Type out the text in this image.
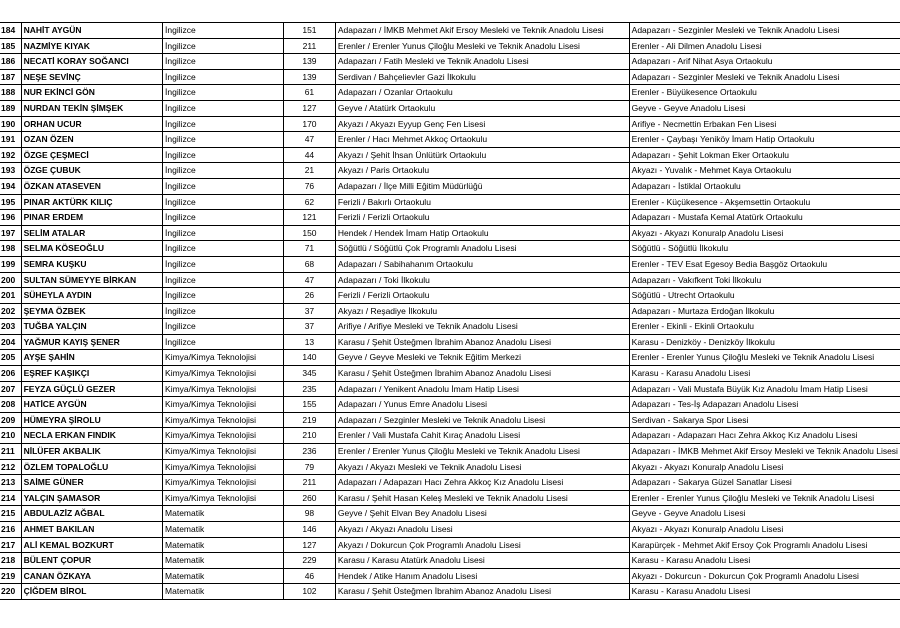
184	NAHİT AYGÜN	İngilizce	151	Adapazarı / İMKB Mehmet Akif Ersoy Mesleki ve Teknik Anadolu Lisesi	Adapazarı - Sezginler Mesleki ve Teknik Anadolu Lisesi
185	NAZMİYE KIYAK	İngilizce	211	Erenler / Erenler Yunus Çiloğlu Mesleki ve Teknik Anadolu Lisesi	Erenler - Ali Dilmen Anadolu Lisesi
186	NECATİ KORAY SOĞANCI	İngilizce	139	Adapazarı / Fatih Mesleki ve Teknik Anadolu Lisesi	Adapazarı - Arif Nihat Asya Ortaokulu
187	NEŞE SEVİNÇ	İngilizce	139	Serdivan / Bahçelievler Gazi İlkokulu	Adapazarı - Sezginler Mesleki ve Teknik Anadolu Lisesi
188	NUR EKİNCİ GÖN	İngilizce	61	Adapazarı / Ozanlar Ortaokulu	Erenler - Büyükesence Ortaokulu
189	NURDAN TEKİN ŞİMŞEK	İngilizce	127	Geyve / Atatürk Ortaokulu	Geyve - Geyve Anadolu Lisesi
190	ORHAN UCUR	İngilizce	170	Akyazı / Akyazı Eyyup Genç Fen Lisesi	Arifiye - Necmettin Erbakan Fen Lisesi
191	OZAN ÖZEN	İngilizce	47	Erenler / Hacı Mehmet Akkoç Ortaokulu	Erenler - Çaybaşı Yeniköy İmam Hatip Ortaokulu
192	ÖZGE ÇEŞMECİ	İngilizce	44	Akyazı / Şehit İhsan Ünlütürk Ortaokulu	Adapazarı - Şehit Lokman Eker Ortaokulu
193	ÖZGE ÇUBUK	İngilizce	21	Akyazı / Paris Ortaokulu	Akyazı - Yuvalık - Mehmet Kaya Ortaokulu
194	ÖZKAN ATASEVEN	İngilizce	76	Adapazarı / İlçe Milli Eğitim Müdürlüğü	Adapazarı - İstiklal Ortaokulu
195	PINAR AKTÜRK KILIÇ	İngilizce	62	Ferizli / Bakırlı Ortaokulu	Erenler - Küçükesence - Akşemsettin Ortaokulu
196	PINAR ERDEM	İngilizce	121	Ferizli / Ferizli Ortaokulu	Adapazarı - Mustafa Kemal Atatürk Ortaokulu
197	SELİM ATALAR	İngilizce	150	Hendek / Hendek İmam Hatip Ortaokulu	Akyazı - Akyazı Konuralp Anadolu Lisesi
198	SELMA KÖSEOĞLU	İngilizce	71	Söğütlü / Söğütlü Çok Programlı Anadolu Lisesi	Söğütlü - Söğütlü İlkokulu
199	SEMRA KUŞKU	İngilizce	68	Adapazarı / Sabihahanım Ortaokulu	Erenler - TEV Esat Egesoy Bedia Başgöz Ortaokulu
200	SULTAN SÜMEYYE BİRKAN	İngilizce	47	Adapazarı / Toki İlkokulu	Adapazarı - Vakıfkent Toki İlkokulu
201	SÜHEYLA AYDIN	İngilizce	26	Ferizli / Ferizli Ortaokulu	Söğütlü - Utrecht Ortaokulu
202	ŞEYMA ÖZBEK	İngilizce	37	Akyazı / Reşadiye İlkokulu	Adapazarı - Murtaza Erdoğan İlkokulu
203	TUĞBA YALÇIN	İngilizce	37	Arifiye / Arifiye Mesleki ve Teknik Anadolu Lisesi	Erenler - Ekinli - Ekinli Ortaokulu
204	YAĞMUR KAYIŞ ŞENER	İngilizce	13	Karasu / Şehit Üsteğmen İbrahim Abanoz Anadolu Lisesi	Karasu - Denizköy - Denizköy İlkokulu
205	AYŞE ŞAHİN	Kimya/Kimya Teknolojisi	140	Geyve / Geyve Mesleki ve Teknik Eğitim Merkezi	Erenler - Erenler Yunus Çiloğlu Mesleki ve Teknik Anadolu Lisesi
206	EŞREF KAŞIKÇI	Kimya/Kimya Teknolojisi	345	Karasu / Şehit Üsteğmen İbrahim Abanoz Anadolu Lisesi	Karasu - Karasu Anadolu Lisesi
207	FEYZA GÜÇLÜ GEZER	Kimya/Kimya Teknolojisi	235	Adapazarı / Yenikent Anadolu İmam Hatip Lisesi	Adapazarı - Vali Mustafa Büyük Kız Anadolu İmam Hatip Lisesi
208	HATİCE AYGÜN	Kimya/Kimya Teknolojisi	155	Adapazarı / Yunus Emre Anadolu Lisesi	Adapazarı - Tes-İş Adapazarı Anadolu Lisesi
209	HÜMEYRA ŞİROLU	Kimya/Kimya Teknolojisi	219	Adapazarı / Sezginler Mesleki ve Teknik Anadolu Lisesi	Serdivan - Sakarya Spor Lisesi
210	NECLA ERKAN FINDIK	Kimya/Kimya Teknolojisi	210	Erenler / Vali Mustafa Cahit Kıraç Anadolu Lisesi	Adapazarı - Adapazarı Hacı Zehra Akkoç Kız Anadolu Lisesi
211	NİLÜFER AKBALIK	Kimya/Kimya Teknolojisi	236	Erenler / Erenler Yunus Çiloğlu Mesleki ve Teknik Anadolu Lisesi	Adapazarı - İMKB Mehmet Akif Ersoy Mesleki ve Teknik Anadolu Lisesi
212	ÖZLEM TOPALOĞLU	Kimya/Kimya Teknolojisi	79	Akyazı / Akyazı Mesleki ve Teknik Anadolu Lisesi	Akyazı - Akyazı Konuralp Anadolu Lisesi
213	SAİME GÜNER	Kimya/Kimya Teknolojisi	211	Adapazarı / Adapazarı Hacı Zehra Akkoç Kız Anadolu Lisesi	Adapazarı - Sakarya Güzel Sanatlar Lisesi
214	YALÇIN ŞAMASOR	Kimya/Kimya Teknolojisi	260	Karasu / Şehit Hasan Keleş Mesleki ve Teknik Anadolu Lisesi	Erenler - Erenler Yunus Çiloğlu Mesleki ve Teknik Anadolu Lisesi
215	ABDULAZİZ AĞBAL	Matematik	98	Geyve / Şehit Elvan Bey Anadolu Lisesi	Geyve - Geyve Anadolu Lisesi
216	AHMET BAKILAN	Matematik	146	Akyazı / Akyazı Anadolu Lisesi	Akyazı - Akyazı Konuralp Anadolu Lisesi
217	ALİ KEMAL BOZKURT	Matematik	127	Akyazı / Dokurcun Çok Programlı Anadolu Lisesi	Karapürçek - Mehmet Akif Ersoy Çok Programlı Anadolu Lisesi
218	BÜLENT ÇOPUR	Matematik	229	Karasu / Karasu Atatürk Anadolu Lisesi	Karasu - Karasu Anadolu Lisesi
219	CANAN ÖZKAYA	Matematik	46	Hendek / Atike Hanım Anadolu Lisesi	Akyazı - Dokurcun - Dokurcun Çok Programlı Anadolu Lisesi
220	ÇİĞDEM BİROL	Matematik	102	Karasu / Şehit Üsteğmen İbrahim Abanoz Anadolu Lisesi	Karasu - Karasu Anadolu Lisesi
